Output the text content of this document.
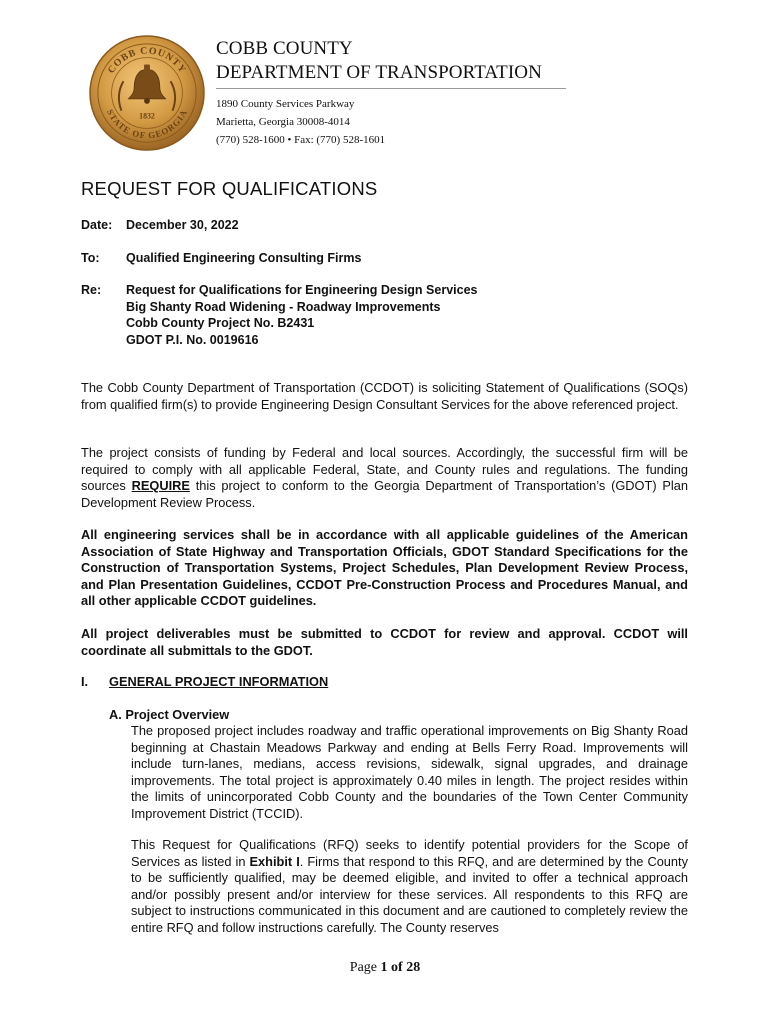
COBB COUNTY
STATE OF GEORGIA
1832
COBB COUNTY
DEPARTMENT OF TRANSPORTATION
1890 County Services Parkway
Marietta, Georgia 30008-4014
(770) 528-1600 • Fax: (770) 528-1601
REQUEST FOR QUALIFICATIONS
Date:	December 30, 2022
To:	Qualified Engineering Consulting Firms
Re:	Request for Qualifications for Engineering Design Services
Big Shanty Road Widening - Roadway Improvements
Cobb County Project No. B2431
GDOT P.I. No. 0019616
The Cobb County Department of Transportation (CCDOT) is soliciting Statement of Qualifications (SOQs) from qualified firm(s) to provide Engineering Design Consultant Services for the above referenced project.
The project consists of funding by Federal and local sources. Accordingly, the successful firm will be required to comply with all applicable Federal, State, and County rules and regulations. The funding sources REQUIRE this project to conform to the Georgia Department of Transportation’s (GDOT) Plan Development Review Process.
All engineering services shall be in accordance with all applicable guidelines of the American Association of State Highway and Transportation Officials, GDOT Standard Specifications for the Construction of Transportation Systems, Project Schedules, Plan Development Review Process, and Plan Presentation Guidelines, CCDOT Pre-Construction Process and Procedures Manual, and all other applicable CCDOT guidelines.
All project deliverables must be submitted to CCDOT for review and approval. CCDOT will coordinate all submittals to the GDOT.
I. GENERAL PROJECT INFORMATION
A. Project Overview
The proposed project includes roadway and traffic operational improvements on Big Shanty Road beginning at Chastain Meadows Parkway and ending at Bells Ferry Road. Improvements will include turn-lanes, medians, access revisions, sidewalk, signal upgrades, and drainage improvements. The total project is approximately 0.40 miles in length. The project resides within the limits of unincorporated Cobb County and the boundaries of the Town Center Community Improvement District (TCCID).
This Request for Qualifications (RFQ) seeks to identify potential providers for the Scope of Services as listed in Exhibit I. Firms that respond to this RFQ, and are determined by the County to be sufficiently qualified, may be deemed eligible, and invited to offer a technical approach and/or possibly present and/or interview for these services. All respondents to this RFQ are subject to instructions communicated in this document and are cautioned to completely review the entire RFQ and follow instructions carefully. The County reserves
Page 1 of 28
